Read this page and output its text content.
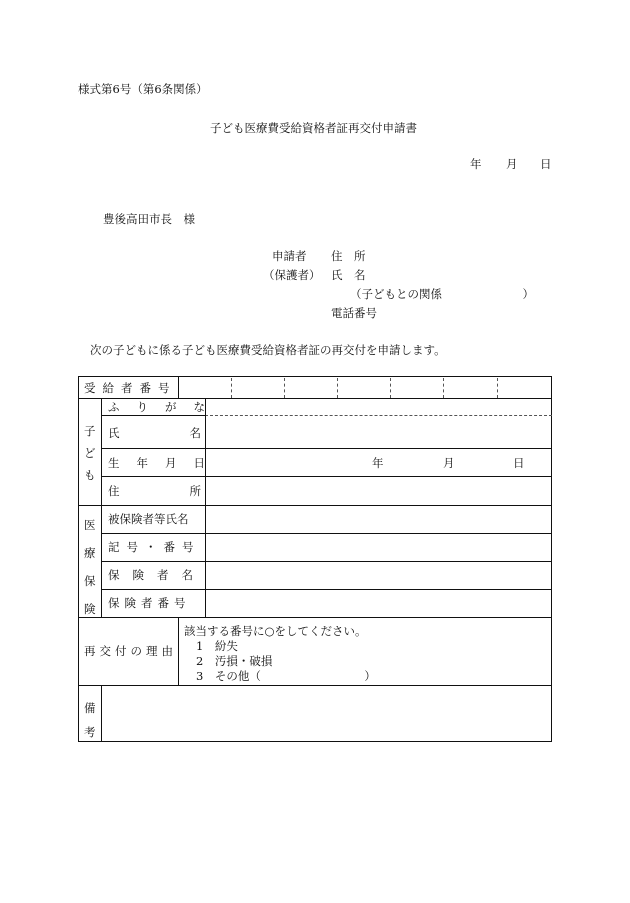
様式第6号（第6条関係）
子ども医療費受給資格者証再交付申請書
年 月 日
豊後高田市長　様
申請者 住　所
（保護者） 氏　名
（子どもとの関係　　　　　　　）
電話番号
次の子どもに係る子ども医療費受給資格者証の再交付を申請します。
受給者番号
子ども
ふりがな
氏名
生年月日	年	月	日
住所
医療保険
被保険者等氏名
記号・番号
保険者名
保険者番号
再交付の理由
該当する番号に○をしてください。
1　紛失
2　汚損・破損
3　その他（　　　　　　　　　）
備考
